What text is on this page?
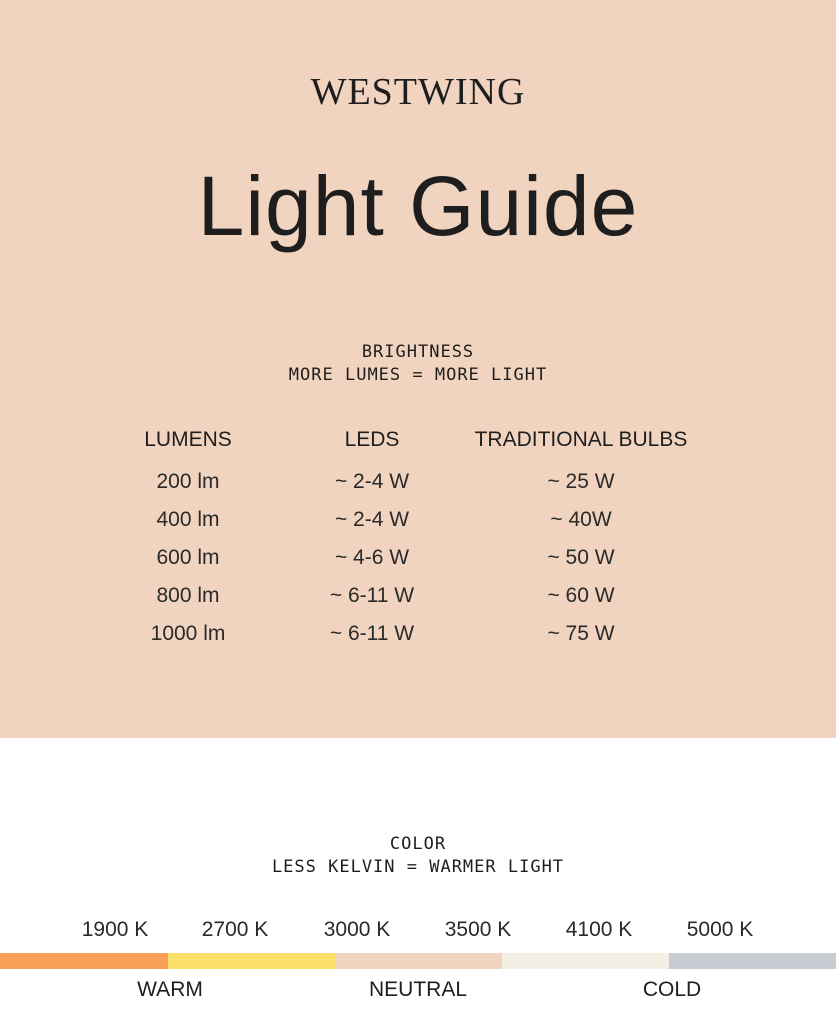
WESTWING
Light Guide
BRIGHTNESS
MORE LUMES = MORE LIGHT
LUMENS	LEDS	TRADITIONAL BULBS
200 lm	~ 2-4 W	~ 25 W
400 lm	~ 2-4 W	~ 40W
600 lm	~ 4-6 W	~ 50 W
800 lm	~ 6-11 W	~ 60 W
1000 lm	~ 6-11 W	~ 75 W
COLOR
LESS KELVIN = WARMER LIGHT
1900 K	2700 K	3000 K	3500 K	4100 K	5000 K
WARM	NEUTRAL	COLD
